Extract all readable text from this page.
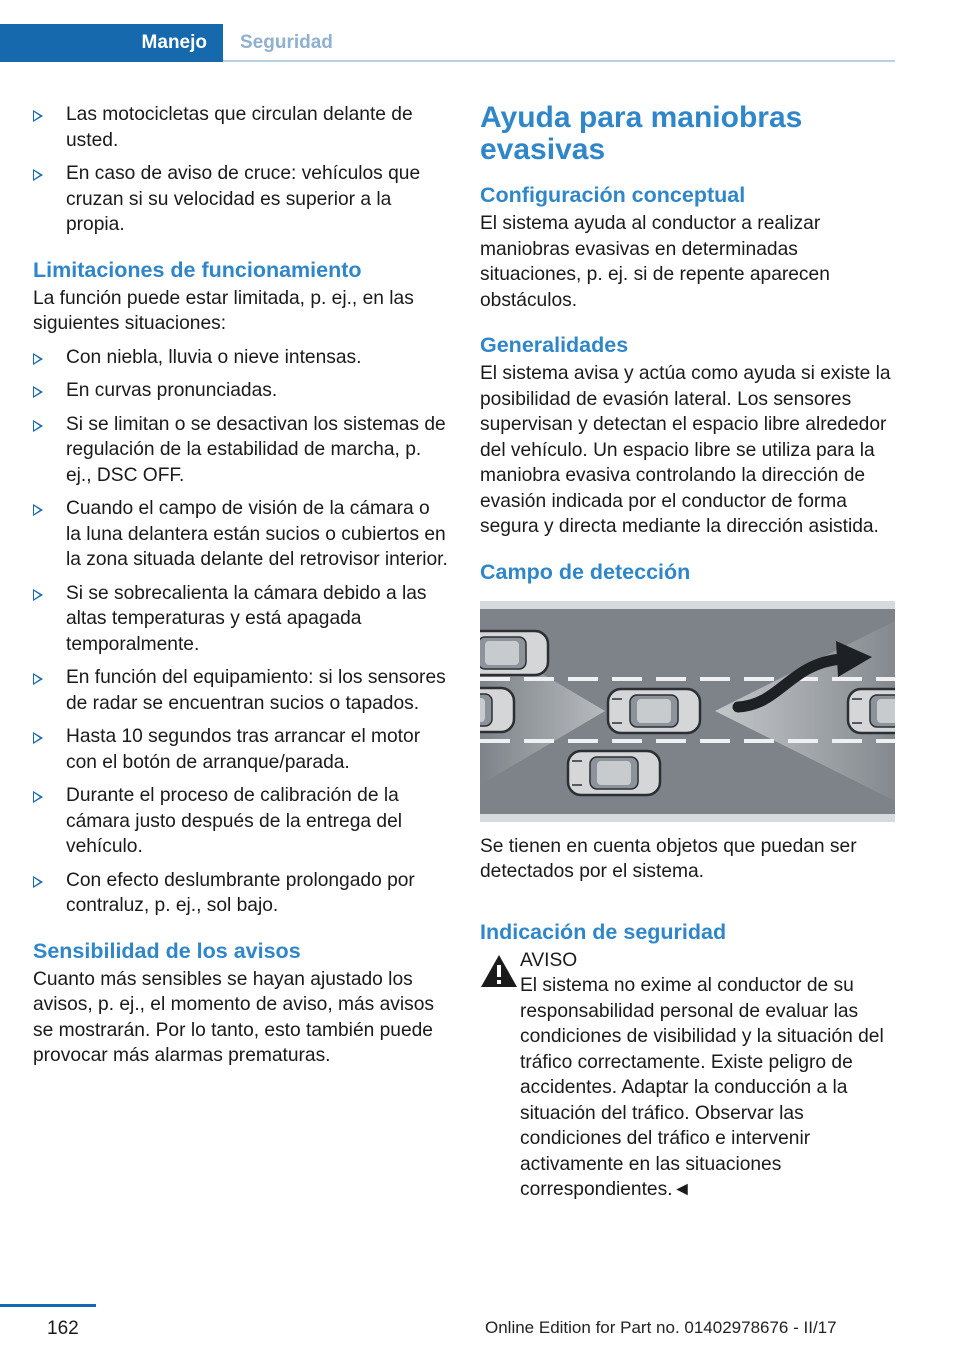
Manejo	Seguridad
Las motocicletas que circulan delante de usted.
En caso de aviso de cruce: vehículos que cruzan si su velocidad es superior a la propia.
Limitaciones de funcionamiento

La función puede estar limitada, p. ej., en las siguientes situaciones:

Con niebla, lluvia o nieve intensas.
En curvas pronunciadas.
Si se limitan o se desactivan los sistemas de regulación de la estabilidad de marcha, p. ej., DSC OFF.
Cuando el campo de visión de la cámara o la luna delantera están sucios o cubiertos en la zona situada delante del retrovisor interior.
Si se sobrecalienta la cámara debido a las altas temperaturas y está apagada temporalmente.
En función del equipamiento: si los sensores de radar se encuentran sucios o tapados.
Hasta 10 segundos tras arrancar el motor con el botón de arranque/parada.
Durante el proceso de calibración de la cámara justo después de la entrega del vehículo.
Con efecto deslumbrante prolongado por contraluz, p. ej., sol bajo.
Sensibilidad de los avisos

Cuanto más sensibles se hayan ajustado los avisos, p. ej., el momento de aviso, más avisos se mostrarán. Por lo tanto, esto también puede provocar más alarmas prematuras.

Ayuda para maniobras evasivas
Configuración conceptual

El sistema ayuda al conductor a realizar maniobras evasivas en determinadas situaciones, p. ej. si de repente aparecen obstáculos.

Generalidades

El sistema avisa y actúa como ayuda si existe la posibilidad de evasión lateral. Los sensores supervisan y detectan el espacio libre alrededor del vehículo. Un espacio libre se utiliza para la maniobra evasiva controlando la dirección de evasión indicada por el conductor de forma segura y directa mediante la dirección asistida.

Campo de detección

Se tienen en cuenta objetos que puedan ser detectados por el sistema.

Indicación de seguridad

AVISO

El sistema no exime al conductor de su responsabilidad personal de evaluar las condiciones de visibilidad y la situación del tráfico correctamente. Existe peligro de accidentes. Adaptar la conducción a la situación del tráfico. Observar las condiciones del tráfico e intervenir activamente en las situaciones correspondientes.◄

162	Online Edition for Part no. 01402978676 - II/17
